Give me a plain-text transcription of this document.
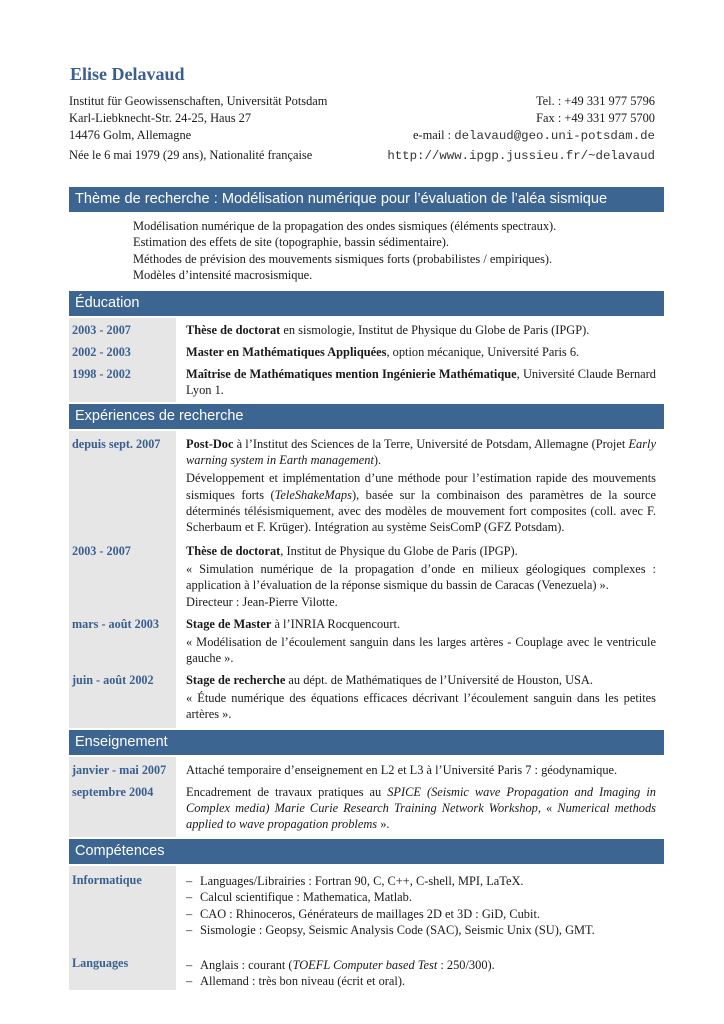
Elise Delavaud
Institut für Geowissenschaften, Universität Potsdam
Karl-Liebknecht-Str. 24-25, Haus 27
14476 Golm, Allemagne
Née le 6 mai 1979 (29 ans), Nationalité française
Tel. : +49 331 977 5796
Fax : +49 331 977 5700
e-mail : delavaud@geo.uni-potsdam.de
http://www.ipgp.jussieu.fr/~delavaud
Thème de recherche : Modélisation numérique pour l’évaluation de l’aléa sismique
Modélisation numérique de la propagation des ondes sismiques (éléments spectraux).
Estimation des effets de site (topographie, bassin sédimentaire).
Méthodes de prévision des mouvements sismiques forts (probabilistes / empiriques).
Modèles d’intensité macrosismique.
Éducation
2003 - 2007	Thèse de doctorat en sismologie, Institut de Physique du Globe de Paris (IPGP).
2002 - 2003	Master en Mathématiques Appliquées, option mécanique, Université Paris 6.
1998 - 2002	Maîtrise de Mathématiques mention Ingénierie Mathématique, Université Claude Bernard Lyon 1.
Expériences de recherche
depuis sept. 2007 Post-Doc à l’Institut des Sciences de la Terre, Université de Potsdam, Allemagne (Projet Early warning system in Earth management).

Développement et implémentation d’une méthode pour l’estimation rapide des mouvements sismiques forts (TeleShakeMaps), basée sur la combinaison des paramètres de la source déterminés télésismiquement, avec des modèles de mouvement fort composites (coll. avec F. Scherbaum et F. Krüger). Intégration au système SeisComP (GFZ Potsdam).

2003 - 2007	Thèse de doctorat, Institut de Physique du Globe de Paris (IPGP).

« Simulation numérique de la propagation d’onde en milieux géologiques complexes : application à l’évaluation de la réponse sismique du bassin de Caracas (Venezuela) ».

Directeur : Jean-Pierre Vilotte.

mars - août 2003 Stage de Master à l’INRIA Rocquencourt.

« Modélisation de l’écoulement sanguin dans les larges artères - Couplage avec le ventricule gauche ».

juin - août 2002	Stage de recherche au dépt. de Mathématiques de l’Université de Houston, USA.

« Étude numérique des équations efficaces décrivant l’écoulement sanguin dans les petites artères ».

Enseignement
janvier - mai 2007 Attaché temporaire d’enseignement en L2 et L3 à l’Université Paris 7 : géodynamique.
septembre 2004	Encadrement de travaux pratiques au SPICE (Seismic wave Propagation and Imaging in Complex media) Marie Curie Research Training Network Workshop, « Numerical methods applied to wave propagation problems ».
Compétences
Informatique	– Languages/Librairies : Fortran 90, C, C++, C-shell, MPI, LaTeX.
– Calcul scientifique : Mathematica, Matlab.
– CAO : Rhinoceros, Générateurs de maillages 2D et 3D : GiD, Cubit.
– Sismologie : Geopsy, Seismic Analysis Code (SAC), Seismic Unix (SU), GMT.
Languages	– Anglais : courant (TOEFL Computer based Test : 250/300).
– Allemand : très bon niveau (écrit et oral).
